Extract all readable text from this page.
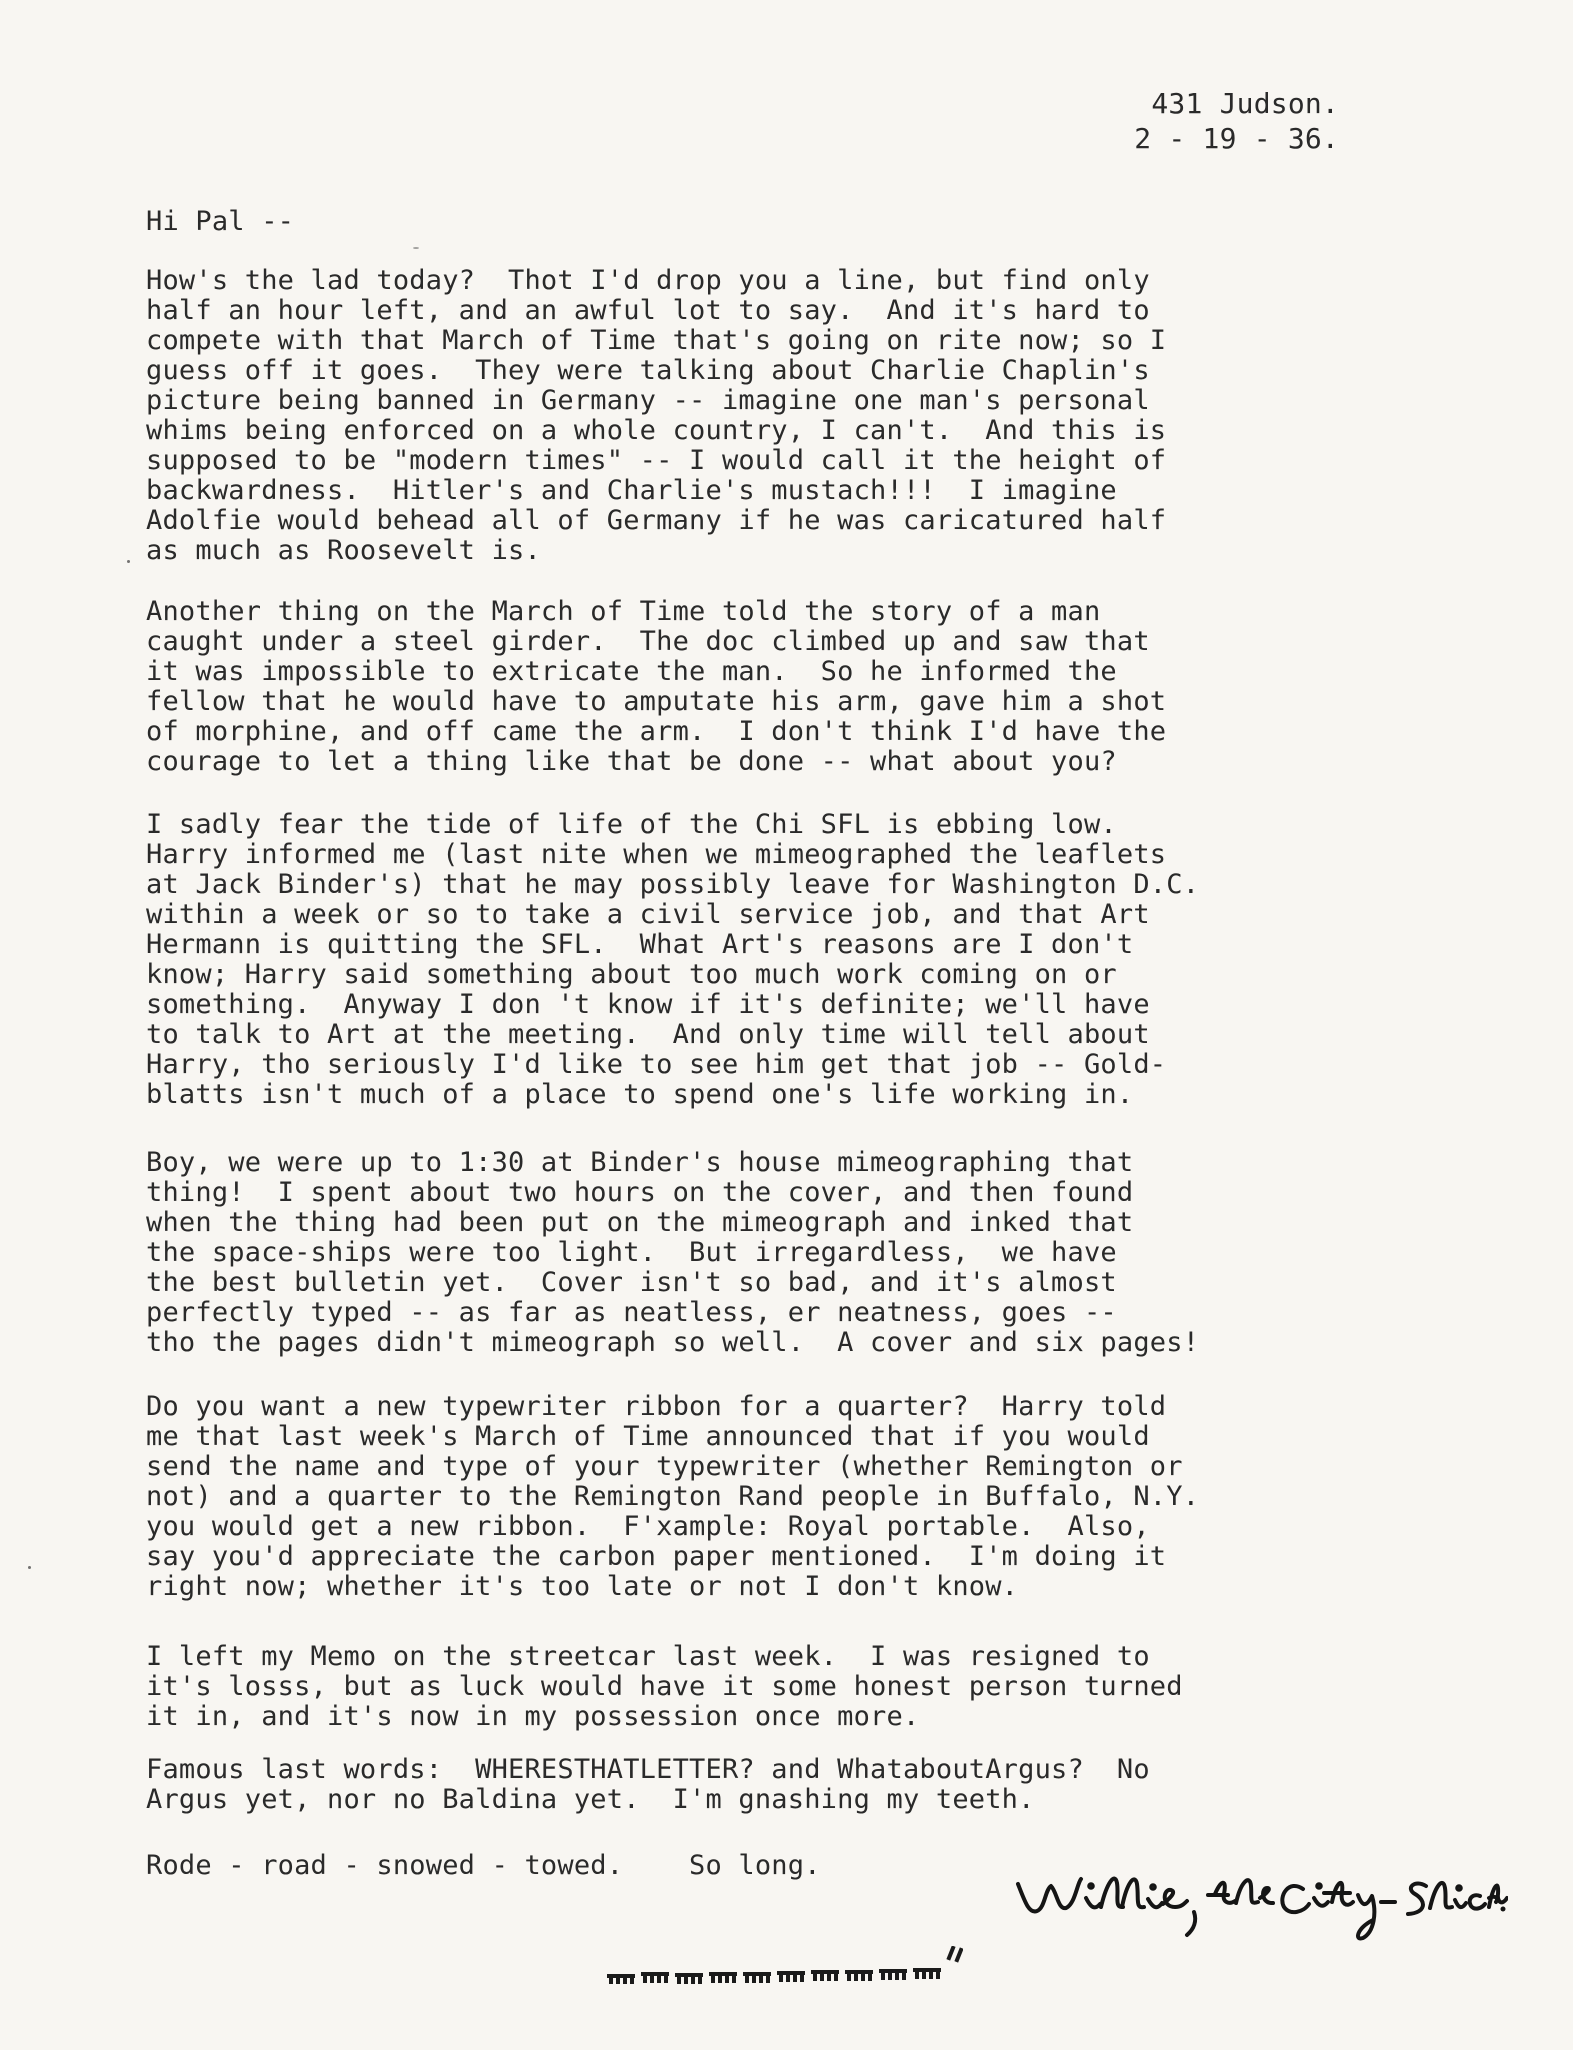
431 Judson.

2 - 19 - 36.

Hi Pal --

How's the lad today?  Thot I'd drop you a line, but find only
half an hour left, and an awful lot to say.  And it's hard to
compete with that March of Time that's going on rite now; so I
guess off it goes.  They were talking about Charlie Chaplin's
picture being banned in Germany -- imagine one man's personal
whims being enforced on a whole country, I can't.  And this is
supposed to be "modern times" -- I would call it the height of
backwardness.  Hitler's and Charlie's mustach!!!  I imagine
Adolfie would behead all of Germany if he was caricatured half
as much as Roosevelt is.
Another thing on the March of Time told the story of a man
caught under a steel girder.  The doc climbed up and saw that
it was impossible to extricate the man.  So he informed the
fellow that he would have to amputate his arm, gave him a shot
of morphine, and off came the arm.  I don't think I'd have the
courage to let a thing like that be done -- what about you?
I sadly fear the tide of life of the Chi SFL is ebbing low.
Harry informed me (last nite when we mimeographed the leaflets
at Jack Binder's) that he may possibly leave for Washington D.C.
within a week or so to take a civil service job, and that Art
Hermann is quitting the SFL.  What Art's reasons are I don't
know; Harry said something about too much work coming on or
something.  Anyway I don 't know if it's definite; we'll have
to talk to Art at the meeting.  And only time will tell about
Harry, tho seriously I'd like to see him get that job -- Gold-
blatts isn't much of a place to spend one's life working in.
Boy, we were up to 1:30 at Binder's house mimeographing that
thing!  I spent about two hours on the cover, and then found
when the thing had been put on the mimeograph and inked that
the space-ships were too light.  But irregardless,  we have
the best bulletin yet.  Cover isn't so bad, and it's almost
perfectly typed -- as far as neatless, er neatness, goes --
tho the pages didn't mimeograph so well.  A cover and six pages!
Do you want a new typewriter ribbon for a quarter?  Harry told
me that last week's March of Time announced that if you would
send the name and type of your typewriter (whether Remington or
not) and a quarter to the Remington Rand people in Buffalo, N.Y.
you would get a new ribbon.  F'xample: Royal portable.  Also,
say you'd appreciate the carbon paper mentioned.  I'm doing it
right now; whether it's too late or not I don't know.
I left my Memo on the streetcar last week.  I was resigned to
it's losss, but as luck would have it some honest person turned
it in, and it's now in my possession once more.
Famous last words:  WHERESTHATLETTER? and WhataboutArgus?  No
Argus yet, nor no Baldina yet.  I'm gnashing my teeth.
Rode - road - snowed - towed.    So long.
